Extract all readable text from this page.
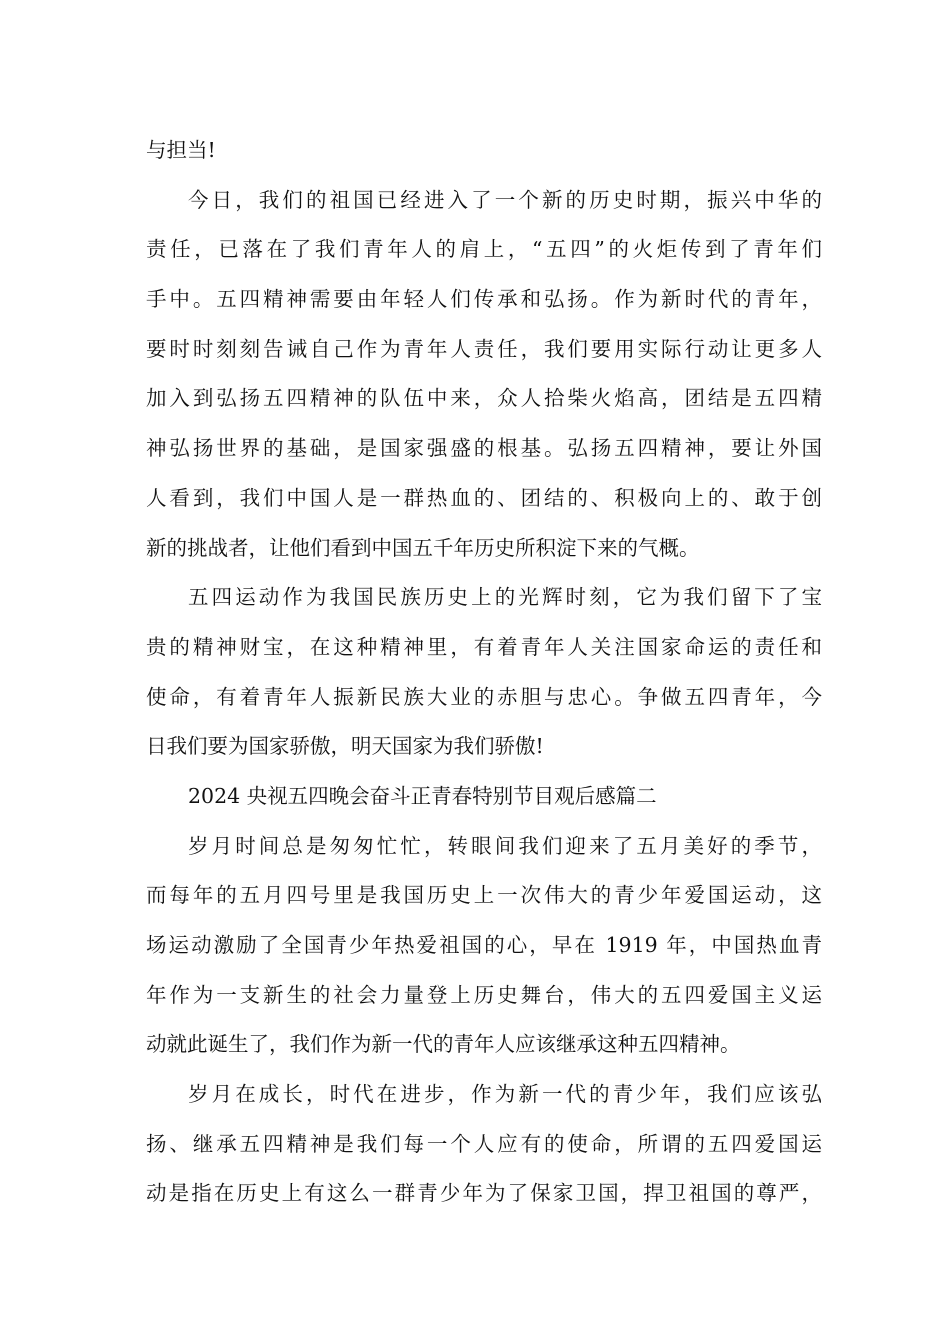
与担当!
今日，我们的祖国已经进入了一个新的历史时期，振兴中华的
责任，已落在了我们青年人的肩上，“五四”的火炬传到了青年们
手中。五四精神需要由年轻人们传承和弘扬。作为新时代的青年，
要时时刻刻告诫自己作为青年人责任，我们要用实际行动让更多人
加入到弘扬五四精神的队伍中来，众人拾柴火焰高，团结是五四精
神弘扬世界的基础，是国家强盛的根基。弘扬五四精神，要让外国
人看到，我们中国人是一群热血的、团结的、积极向上的、敢于创
新的挑战者，让他们看到中国五千年历史所积淀下来的气概。
五四运动作为我国民族历史上的光辉时刻，它为我们留下了宝
贵的精神财宝，在这种精神里，有着青年人关注国家命运的责任和
使命，有着青年人振新民族大业的赤胆与忠心。争做五四青年，今
日我们要为国家骄傲，明天国家为我们骄傲!
2024 央视五四晚会奋斗正青春特别节目观后感篇二
岁月时间总是匆匆忙忙，转眼间我们迎来了五月美好的季节，
而每年的五月四号里是我国历史上一次伟大的青少年爱国运动，这
场运动激励了全国青少年热爱祖国的心，早在 1919 年，中国热血青
年作为一支新生的社会力量登上历史舞台，伟大的五四爱国主义运
动就此诞生了，我们作为新一代的青年人应该继承这种五四精神。
岁月在成长，时代在进步，作为新一代的青少年，我们应该弘
扬、继承五四精神是我们每一个人应有的使命，所谓的五四爱国运
动是指在历史上有这么一群青少年为了保家卫国，捍卫祖国的尊严，
